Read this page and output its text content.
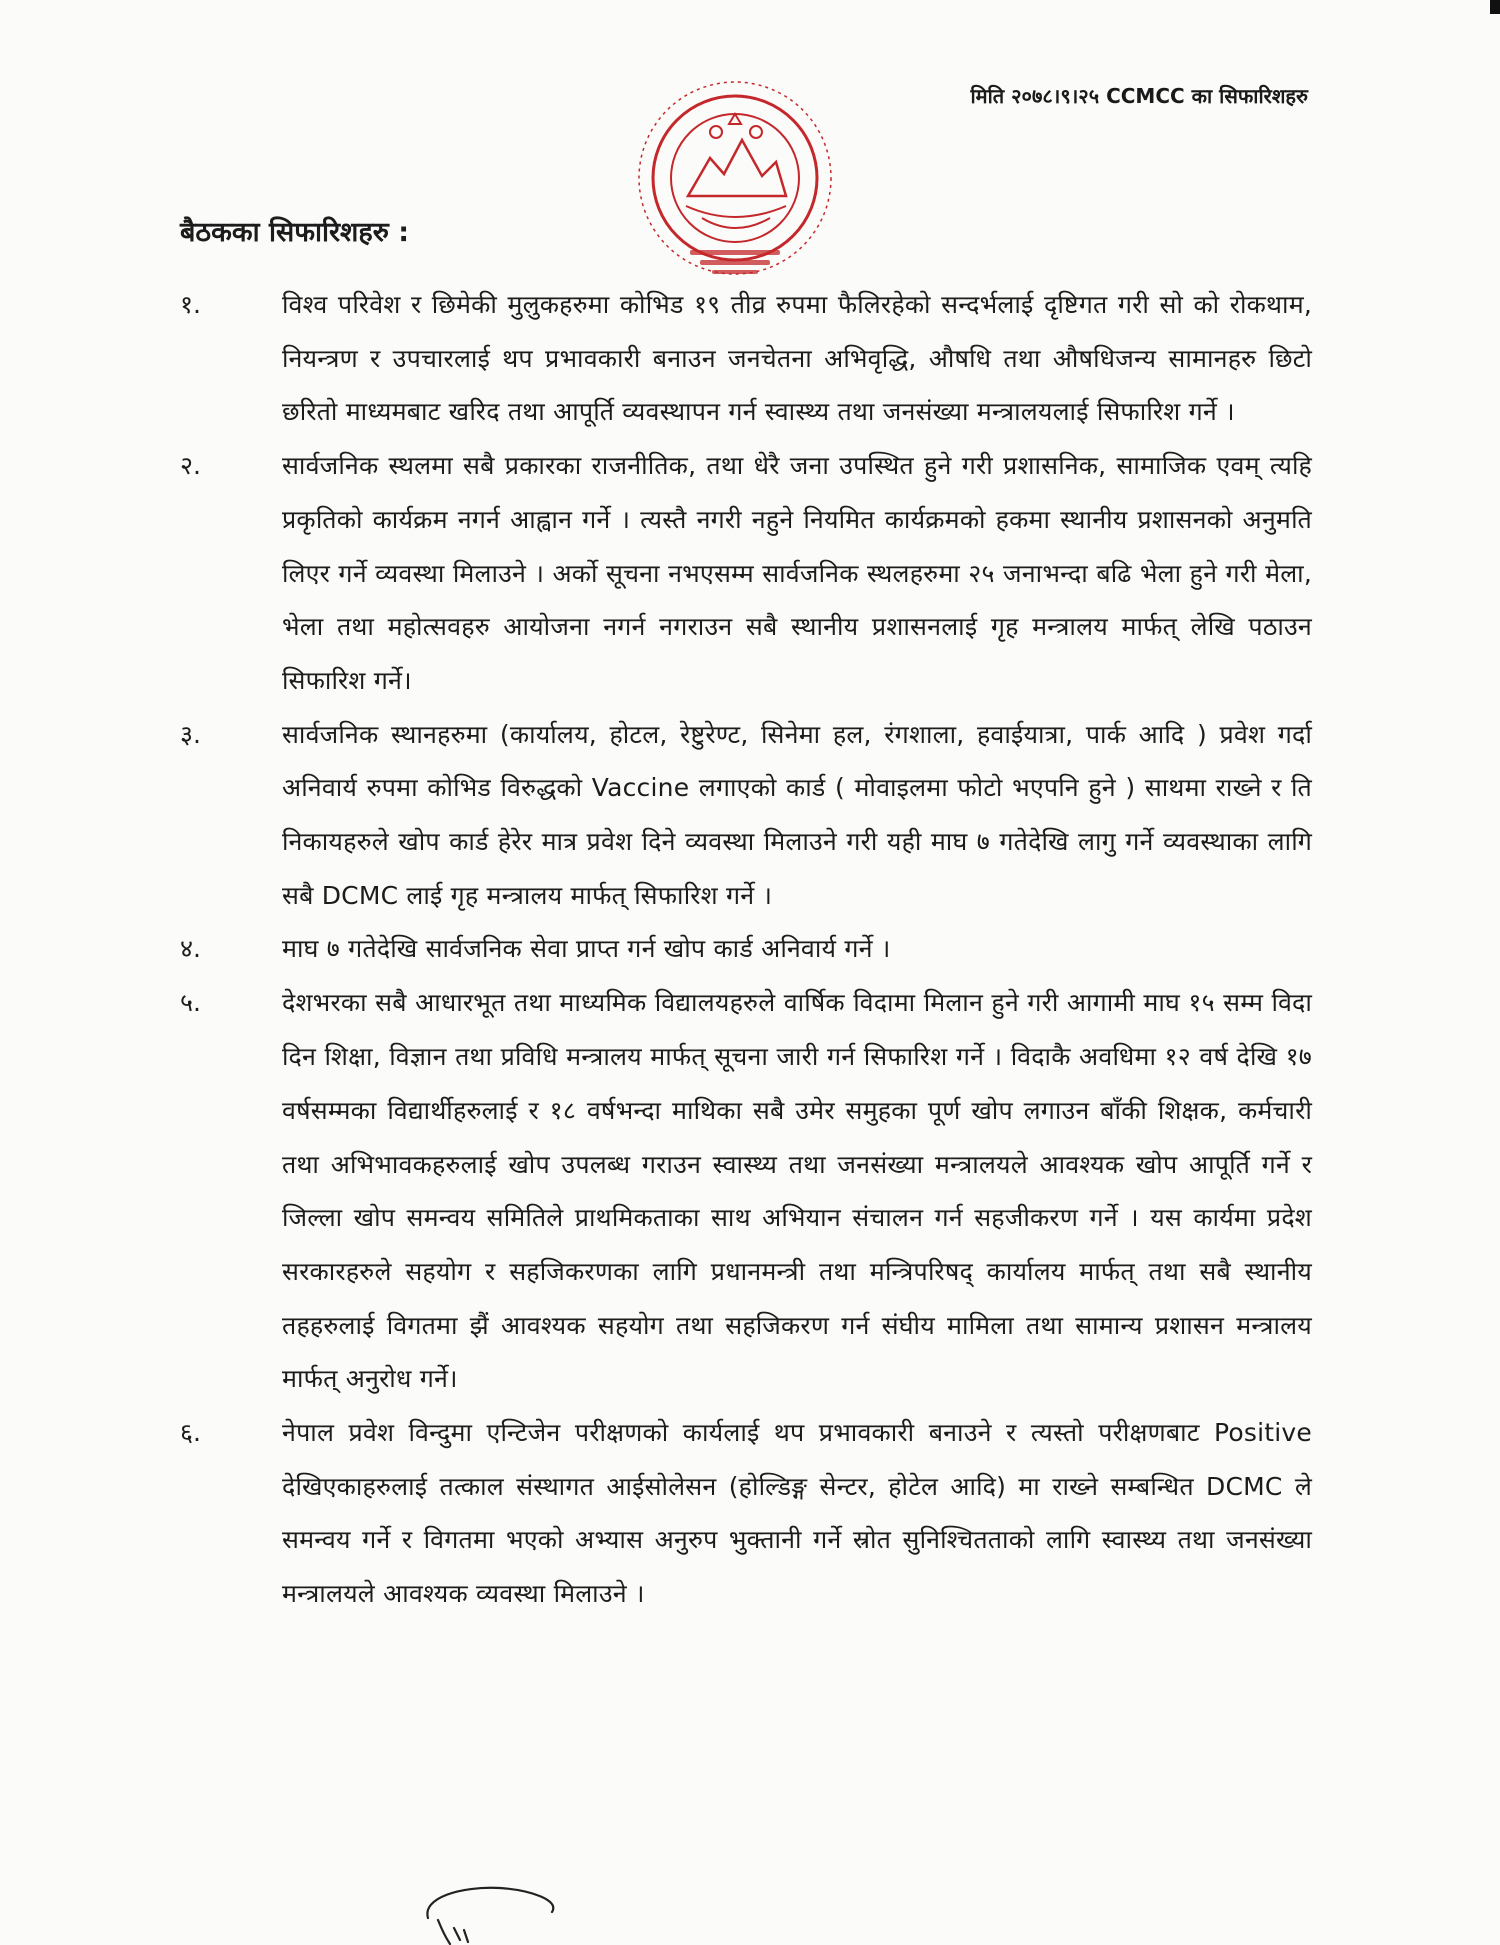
मिति २०७८।९।२५ CCMCC का सिफारिशहरु
बैठकका सिफारिशहरु :
१.	विश्व परिवेश र छिमेकी मुलुकहरुमा कोभिड १९ तीव्र रुपमा फैलिरहेको सन्दर्भलाई दृष्टिगत गरी सो को रोकथाम, नियन्त्रण र उपचारलाई थप प्रभावकारी बनाउन जनचेतना अभिवृद्धि, औषधि तथा औषधिजन्य सामानहरु छिटो छरितो माध्यमबाट खरिद तथा आपूर्ति व्यवस्थापन गर्न स्वास्थ्य तथा जनसंख्या मन्त्रालयलाई सिफारिश गर्ने ।
२.	सार्वजनिक स्थलमा सबै प्रकारका राजनीतिक, तथा धेरै जना उपस्थित हुने गरी प्रशासनिक, सामाजिक एवम् त्यहि प्रकृतिको कार्यक्रम नगर्न आह्वान गर्ने । त्यस्तै नगरी नहुने नियमित कार्यक्रमको हकमा स्थानीय प्रशासनको अनुमति लिएर गर्ने व्यवस्था मिलाउने । अर्को सूचना नभएसम्म सार्वजनिक स्थलहरुमा २५ जनाभन्दा बढि भेला हुने गरी मेला, भेला तथा महोत्सवहरु आयोजना नगर्न नगराउन सबै स्थानीय प्रशासनलाई गृह मन्त्रालय मार्फत् लेखि पठाउन सिफारिश गर्ने।
३.	सार्वजनिक स्थानहरुमा (कार्यालय, होटल, रेष्टुरेण्ट, सिनेमा हल, रंगशाला, हवाईयात्रा, पार्क आदि ) प्रवेश गर्दा अनिवार्य रुपमा कोभिड विरुद्धको Vaccine लगाएको कार्ड ( मोवाइलमा फोटो भएपनि हुने ) साथमा राख्ने र ति निकायहरुले खोप कार्ड हेरेर मात्र प्रवेश दिने व्यवस्था मिलाउने गरी यही माघ ७ गतेदेखि लागु गर्ने व्यवस्थाका लागि सबै DCMC लाई गृह मन्त्रालय मार्फत् सिफारिश गर्ने ।
४.	माघ ७ गतेदेखि सार्वजनिक सेवा प्राप्त गर्न खोप कार्ड अनिवार्य गर्ने ।
५.	देशभरका सबै आधारभूत तथा माध्यमिक विद्यालयहरुले वार्षिक विदामा मिलान हुने गरी आगामी माघ १५ सम्म विदा दिन शिक्षा, विज्ञान तथा प्रविधि मन्त्रालय मार्फत् सूचना जारी गर्न सिफारिश गर्ने । विदाकै अवधिमा १२ वर्ष देखि १७ वर्षसम्मका विद्यार्थीहरुलाई र १८ वर्षभन्दा माथिका सबै उमेर समुहका पूर्ण खोप लगाउन बाँकी शिक्षक, कर्मचारी तथा अभिभावकहरुलाई खोप उपलब्ध गराउन स्वास्थ्य तथा जनसंख्या मन्त्रालयले आवश्यक खोप आपूर्ति गर्ने र जिल्ला खोप समन्वय समितिले प्राथमिकताका साथ अभियान संचालन गर्न सहजीकरण गर्ने । यस कार्यमा प्रदेश सरकारहरुले सहयोग र सहजिकरणका लागि प्रधानमन्त्री तथा मन्त्रिपरिषद् कार्यालय मार्फत् तथा सबै स्थानीय तहहरुलाई विगतमा झैं आवश्यक सहयोग तथा सहजिकरण गर्न संघीय मामिला तथा सामान्य प्रशासन मन्त्रालय मार्फत् अनुरोध गर्ने।
६.	नेपाल प्रवेश विन्दुमा एन्टिजेन परीक्षणको कार्यलाई थप प्रभावकारी बनाउने र त्यस्तो परीक्षणबाट Positive देखिएकाहरुलाई तत्काल संस्थागत आईसोलेसन (होल्डिङ्ग सेन्टर, होटेल आदि) मा राख्ने सम्बन्धित DCMC ले समन्वय गर्ने र विगतमा भएको अभ्यास अनुरुप भुक्तानी गर्ने स्रोत सुनिश्चितताको लागि स्वास्थ्य तथा जनसंख्या मन्त्रालयले आवश्यक व्यवस्था मिलाउने ।
